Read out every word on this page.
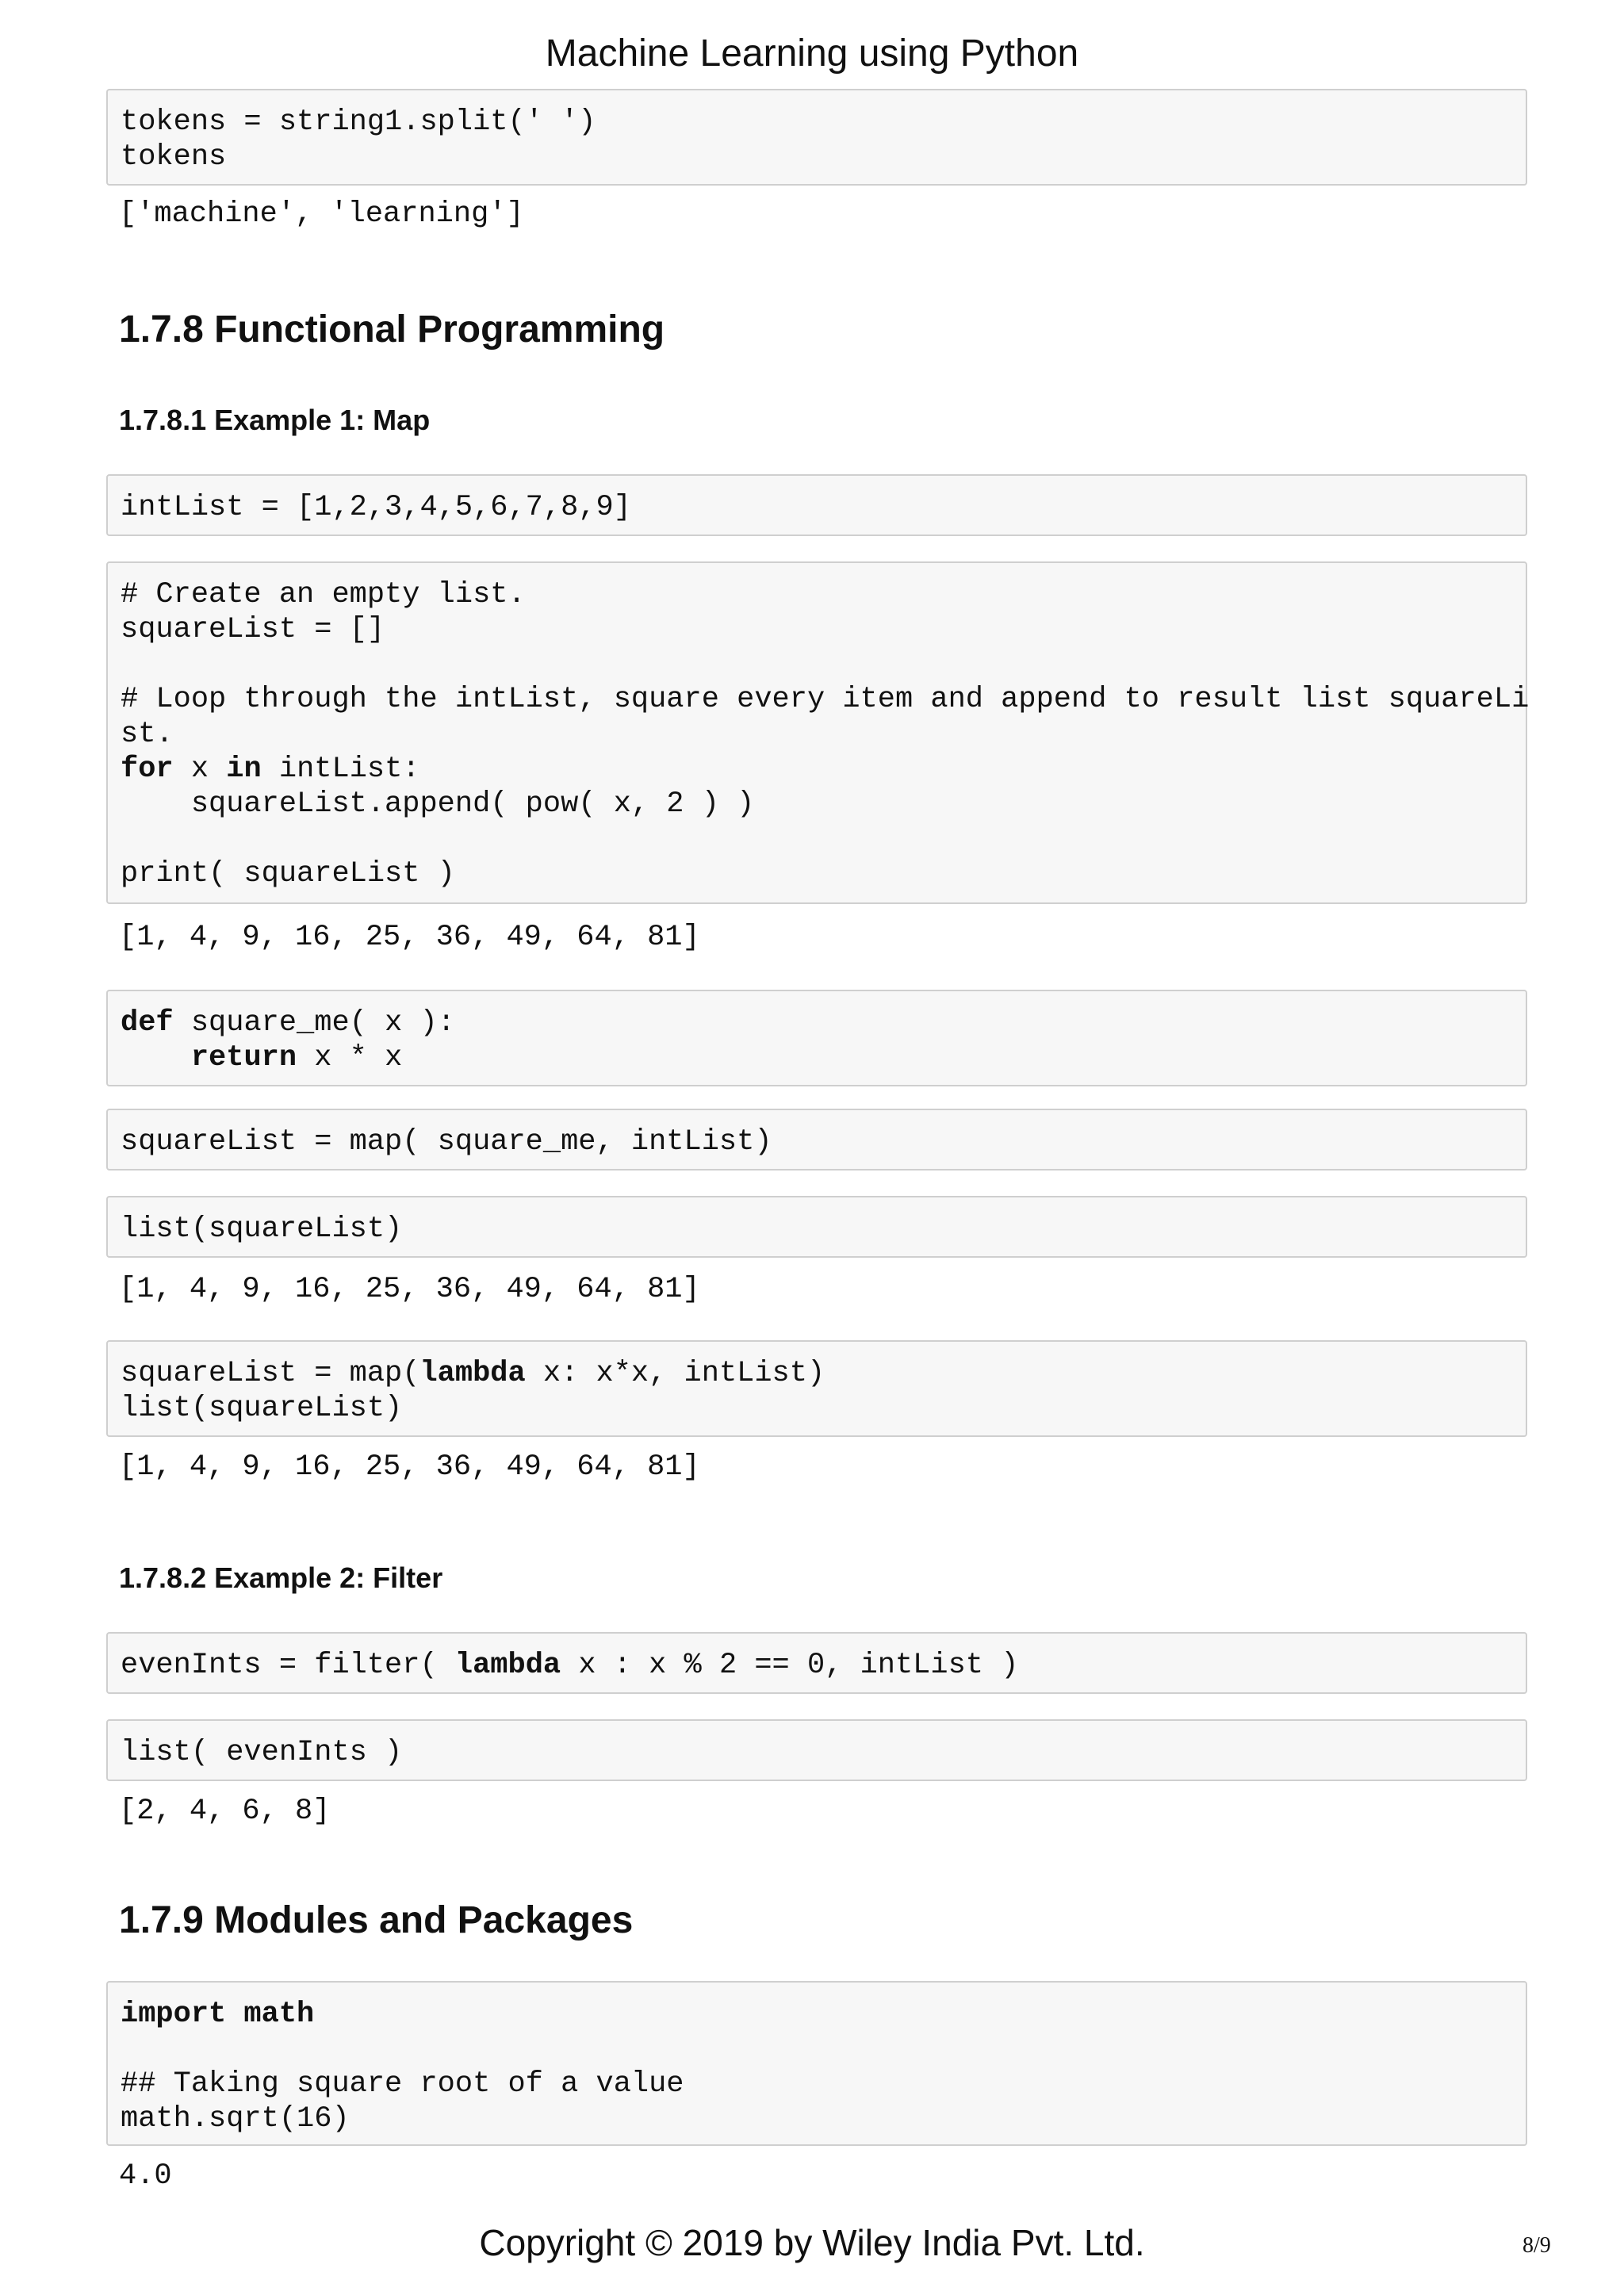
Machine Learning using Python
tokens = string1.split(' ')
tokens
['machine', 'learning']
1.7.8 Functional Programming
1.7.8.1 Example 1: Map
intList = [1,2,3,4,5,6,7,8,9]
# Create an empty list.
squareList = []
# Loop through the intList, square every item and append to result list squareLi
st.
for x in intList:
squareList.append( pow( x, 2 ) )
print( squareList )
[1, 4, 9, 16, 25, 36, 49, 64, 81]
def square_me( x ):
return x * x
squareList = map( square_me, intList)
list(squareList)
[1, 4, 9, 16, 25, 36, 49, 64, 81]
squareList = map(lambda x: x*x, intList)
list(squareList)
[1, 4, 9, 16, 25, 36, 49, 64, 81]
1.7.8.2 Example 2: Filter
evenInts = filter( lambda x : x % 2 == 0, intList )
list( evenInts )
[2, 4, 6, 8]
1.7.9 Modules and Packages
import math
## Taking square root of a value
math.sqrt(16)
4.0
Copyright © 2019 by Wiley India Pvt. Ltd.	8/9
